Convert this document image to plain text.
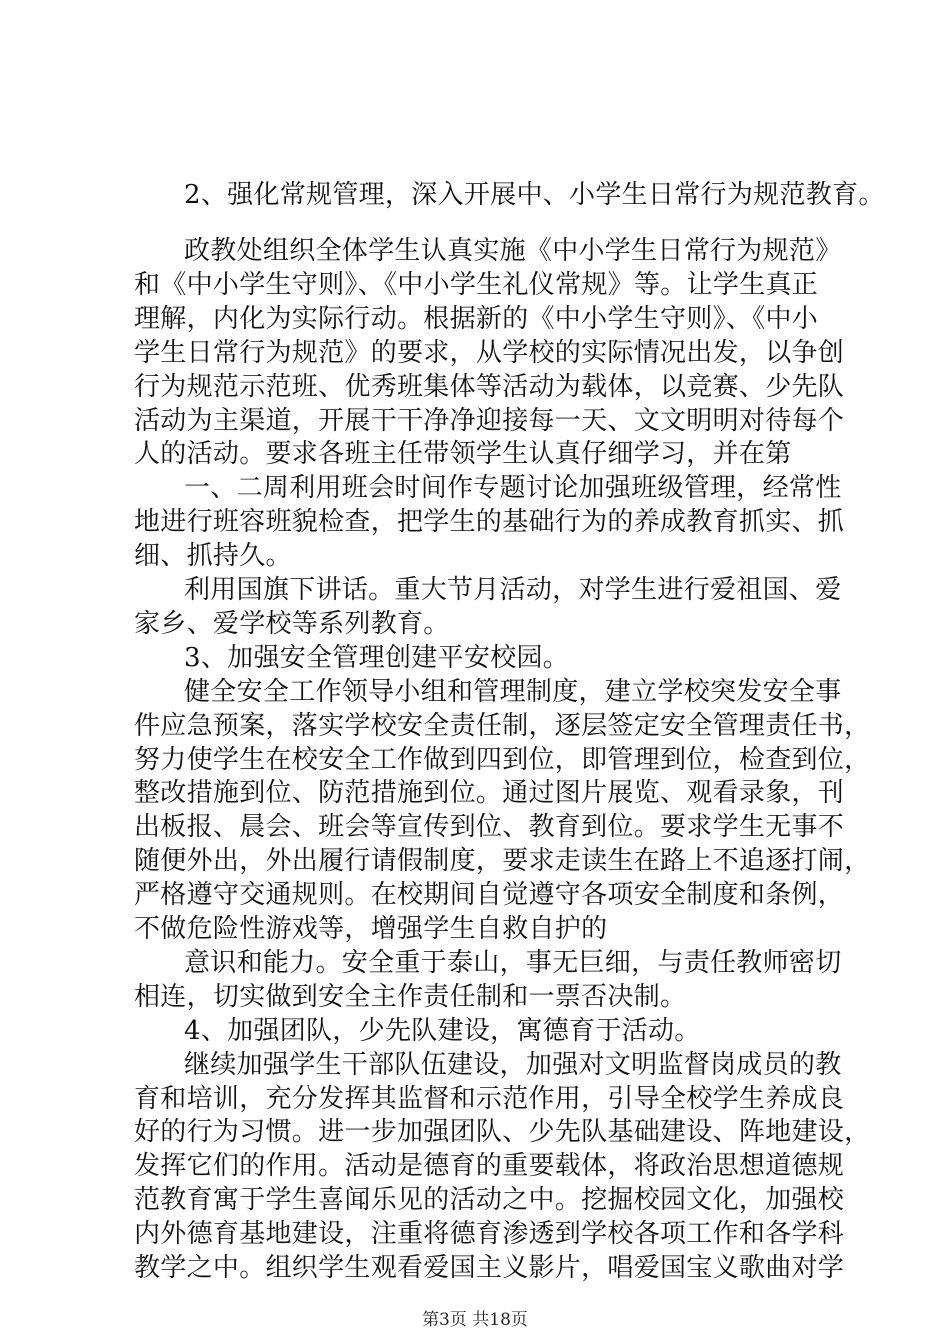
2、强化常规管理，深入开展中、小学生日常行为规范教育。
政教处组织全体学生认真实施《中小学生日常行为规范》
和《中小学生守则》、《中小学生礼仪常规》等。让学生真正
理解，内化为实际行动。根据新的《中小学生守则》、《中小
学生日常行为规范》的要求，从学校的实际情况出发，以争创
行为规范示范班、优秀班集体等活动为载体，以竞赛、少先队
活动为主渠道，开展干干净净迎接每一天、文文明明对待每个
人的活动。要求各班主任带领学生认真仔细学习，并在第
一、二周利用班会时间作专题讨论加强班级管理，经常性
地进行班容班貌检查，把学生的基础行为的养成教育抓实、抓
细、抓持久。
利用国旗下讲话。重大节月活动，对学生进行爱祖国、爱
家乡、爱学校等系列教育。
3、加强安全管理创建平安校园。
健全安全工作领导小组和管理制度，建立学校突发安全事
件应急预案，落实学校安全责任制，逐层签定安全管理责任书，
努力使学生在校安全工作做到四到位，即管理到位，检查到位，
整改措施到位、防范措施到位。通过图片展览、观看录象，刊
出板报、晨会、班会等宣传到位、教育到位。要求学生无事不
随便外出，外出履行请假制度，要求走读生在路上不追逐打闹，
严格遵守交通规则。在校期间自觉遵守各项安全制度和条例，
不做危险性游戏等，增强学生自救自护的
意识和能力。安全重于泰山，事无巨细，与责任教师密切
相连，切实做到安全主作责任制和一票否决制。
4、加强团队，少先队建设，寓德育于活动。
继续加强学生干部队伍建设，加强对文明监督岗成员的教
育和培训，充分发挥其监督和示范作用，引导全校学生养成良
好的行为习惯。进一步加强团队、少先队基础建设、阵地建设，
发挥它们的作用。活动是德育的重要载体，将政治思想道德规
范教育寓于学生喜闻乐见的活动之中。挖掘校园文化，加强校
内外德育基地建设，注重将德育渗透到学校各项工作和各学科
教学之中。组织学生观看爱国主义影片，唱爱国宝义歌曲对学
第3页 共18页
